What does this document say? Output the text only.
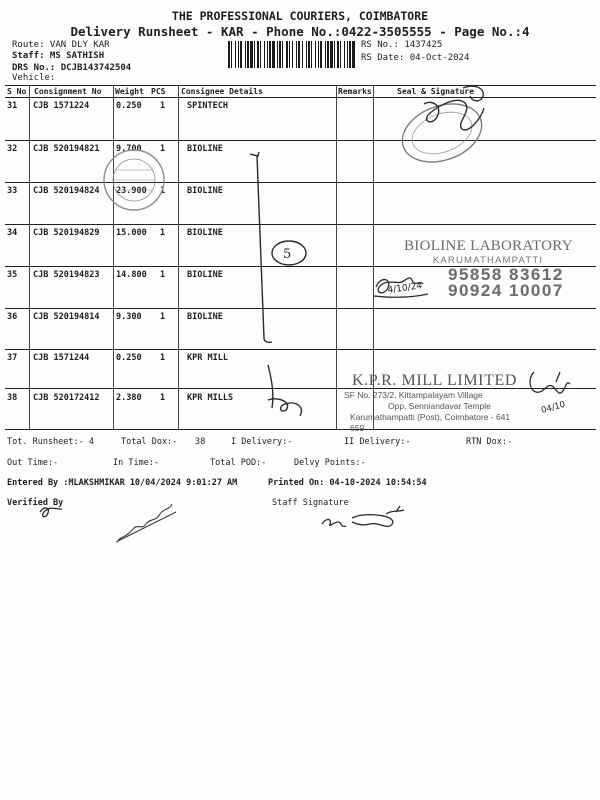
THE PROFESSIONAL COURIERS, COIMBATORE
Delivery Runsheet - KAR - Phone No.:0422-3505555 - Page No.:4
Route: VAN DLY KAR
Staff: MS SATHISH
DRS No.: DCJB143742504
Vehicle:
RS No.: 1437425
RS Date: 04-Oct-2024
S No Consignment No Weight PCS Consignee Details	Remarks	Seal & Signature
31 CJB 1571224	0.250 1	SPINTECH
32 CJB 520194821 9.700 1	BIOLINE
33 CJB 520194824 23.900 1	BIOLINE
34 CJB 520194829 15.000 1	BIOLINE
35 CJB 520194823 14.800 1	BIOLINE
36 CJB 520194814 9.300 1	BIOLINE
37 CJB 1571244	0.250 1	KPR MILL
38 CJB 520172412 2.380 1	KPR MILLS
BIOLINE LABORATORY
KARUMATHAMPATTI
95858 83612
90924 10007
K.P.R. MILL LIMITED
SF No. 273/2, Kittampalayam Village
Opp. Senniandavar Temple
Karumathampatti (Post), Coimbatore - 641 659
5
4/10/24
04/10
Tot. Runsheet:- 4	Total Dox:- 38	I Delivery:-	II Delivery:-	RTN Dox:-
Out Time:-	In Time:-	Total POD:-	Delvy Points:-
Entered By :MLAKSHMIKAR 10/04/2024 9:01:27 AM	Printed On: 04-10-2024 10:54:54
Verified By	Staff Signature
